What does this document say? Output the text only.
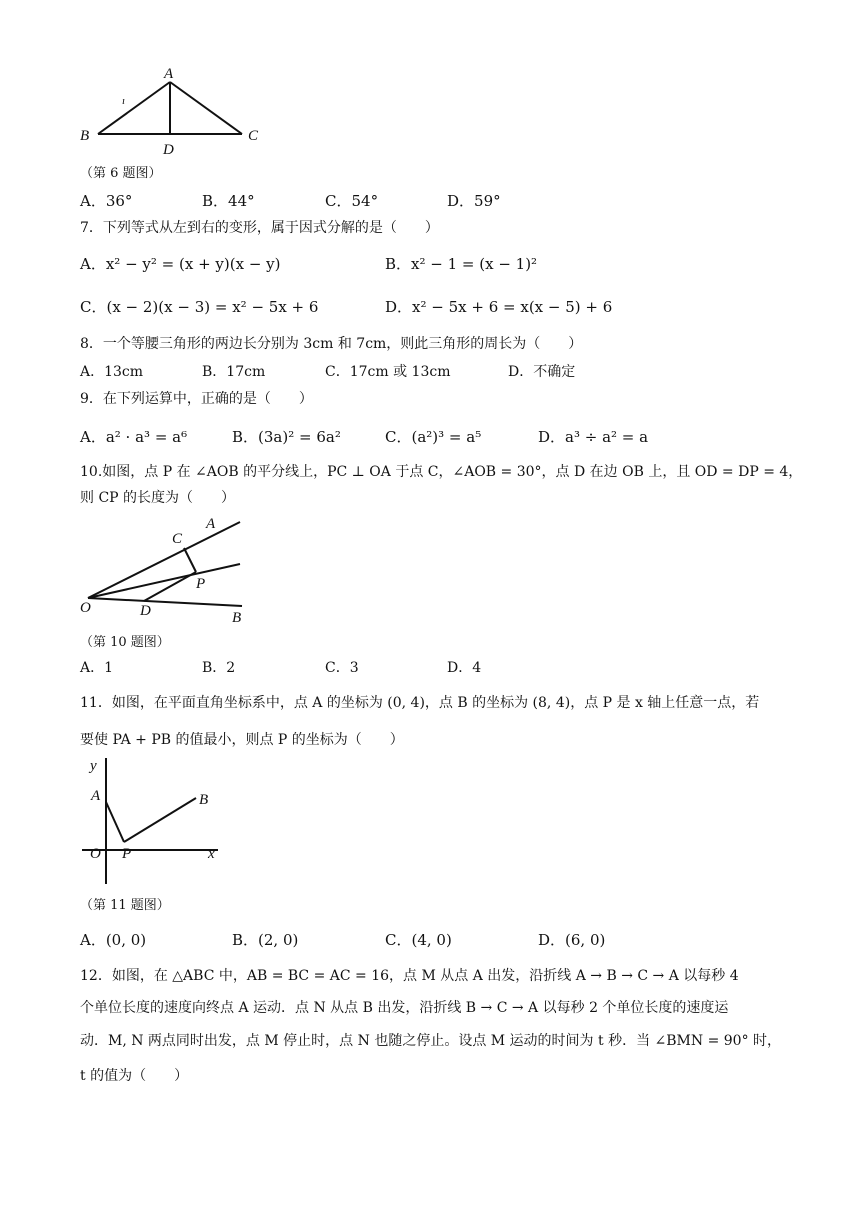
A
B	C
D
ı
（第 6 题图）
A．36°	B．44°	C．54°	D．59°
7．下列等式从左到右的变形，属于因式分解的是（　　）
A．x² − y² = (x + y)(x − y)	B．x² − 1 = (x − 1)²
C．(x − 2)(x − 3) = x² − 5x + 6	D．x² − 5x + 6 = x(x − 5) + 6
8．一个等腰三角形的两边长分别为 3cm 和 7cm，则此三角形的周长为（　　）
A．13cm	B．17cm	C．17cm 或 13cm	D．不确定
9．在下列运算中，正确的是（　　）
A．a² · a³ = a⁶	B．(3a)² = 6a²	C．(a²)³ = a⁵	D．a³ ÷ a² = a
10.如图，点 P 在 ∠AOB 的平分线上，PC ⊥ OA 于点 C，∠AOB = 30°，点 D 在边 OB 上，且 OD = DP = 4，
则 CP 的长度为（　　）
C
A
P
O	D	B
（第 10 题图）
A．1	B．2	C．3	D．4
11．如图，在平面直角坐标系中，点 A 的坐标为 (0, 4)，点 B 的坐标为 (8, 4)，点 P 是 x 轴上任意一点，若
要使 PA + PB 的值最小，则点 P 的坐标为（　　）
y
A	B
O P	x
（第 11 题图）
A．(0, 0)	B．(2, 0)	C．(4, 0)	D．(6, 0)
12．如图，在 △ABC 中，AB = BC = AC = 16，点 M 从点 A 出发，沿折线 A → B → C → A 以每秒 4
个单位长度的速度向终点 A 运动．点 N 从点 B 出发，沿折线 B → C → A 以每秒 2 个单位长度的速度运
动．M, N 两点同时出发，点 M 停止时，点 N 也随之停止。设点 M 运动的时间为 t 秒．当 ∠BMN = 90° 时，
t 的值为（　　）
